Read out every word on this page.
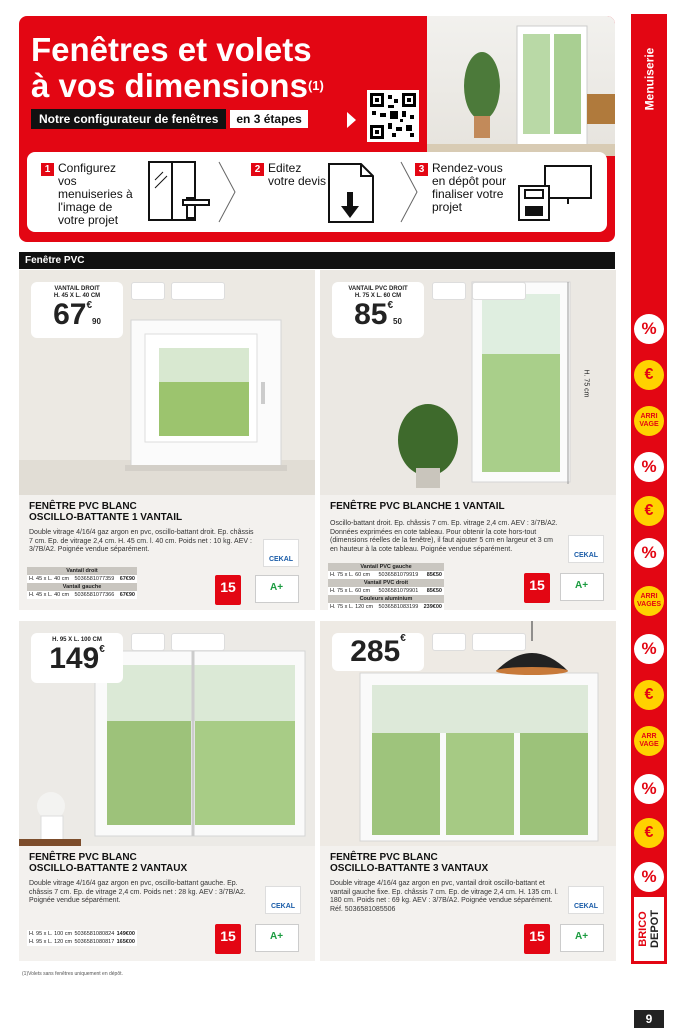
Menuiserie
%
€
ARRI
VAGE
%
€
%
ARRI
VAGES
%
€
ARR
VAGE
%
€
%
BRICO
DEPOT
9
Fenêtres et volets
à vos dimensions$^{(1)}$
Notre configurateur de fenêtres	en 3 étapes
1 Configurez vos menuiseries à l'image de votre projet
2 Editez votre devis
3 Rendez-vous en dépôt pour finaliser votre projet
Fenêtre PVC
VANTAIL DROIT
H. 45 X L. 40 CM
67€90
FENÊTRE PVC BLANC
OSCILLO-BATTANTE 1 VANTAIL
Double vitrage 4/16/4 gaz argon en pvc, oscillo-battant droit. Ep. châssis 7 cm. Ep. de vitrage 2,4 cm. H. 45 cm. l. 40 cm. Poids net : 10 kg. AEV : 3/7B/A2. Poignée vendue séparément.
Vantail droit
H. 45 x L. 40 cm 5036581077359 67€90
Vantail gauche
H. 45 x L. 40 cm 5036581077366 67€90
CEKAL
15	A+
VANTAIL PVC DROIT
H. 75 X L. 60 CM
85€50
H. 75 cm
FENÊTRE PVC BLANCHE 1 VANTAIL
Oscillo-battant droit. Ep. châssis 7 cm. Ep. vitrage 2,4 cm. AEV : 3/7B/A2. Données exprimées en cote tableau. Pour obtenir la cote hors-tout (dimensions réelles de la fenêtre), il faut ajouter 5 cm en largeur et 3 cm en hauteur à la cote tableau. Poignée vendue séparément.
Vantail PVC gauche
H. 75 x L. 60 cm 5036581079919 85€50
Vantail PVC droit
H. 75 x L. 60 cm 5036581079901 85€50
Couleurs aluminium
H. 75 x L. 120 cm 5036581083199 239€00
CEKAL
15	A+
H. 95 X L. 100 CM
149€
FENÊTRE PVC BLANC
OSCILLO-BATTANTE 2 VANTAUX
Double vitrage 4/16/4 gaz argon en pvc, oscillo-battant gauche. Ep. châssis 7 cm. Ep. de vitrage 2,4 cm. Poids net : 28 kg. AEV : 3/7B/A2. Poignée vendue séparément.
H. 95 x L. 100 cm 5036581080824 149€00
H. 95 x L. 120 cm 5036581080817 165€00
CEKAL
15	A+
285€
FENÊTRE PVC BLANC
OSCILLO-BATTANTE 3 VANTAUX
Double vitrage 4/16/4 gaz argon en pvc, vantail droit oscillo-battant et vantail gauche fixe. Ep. châssis 7 cm. Ep. de vitrage 2,4 cm. H. 135 cm. l. 180 cm. Poids net : 69 kg. AEV : 3/7B/A2. Poignée vendue séparément. Réf. 5036581085506	CEKAL
15	A+
(1)Volets sans fenêtres uniquement en dépôt.
